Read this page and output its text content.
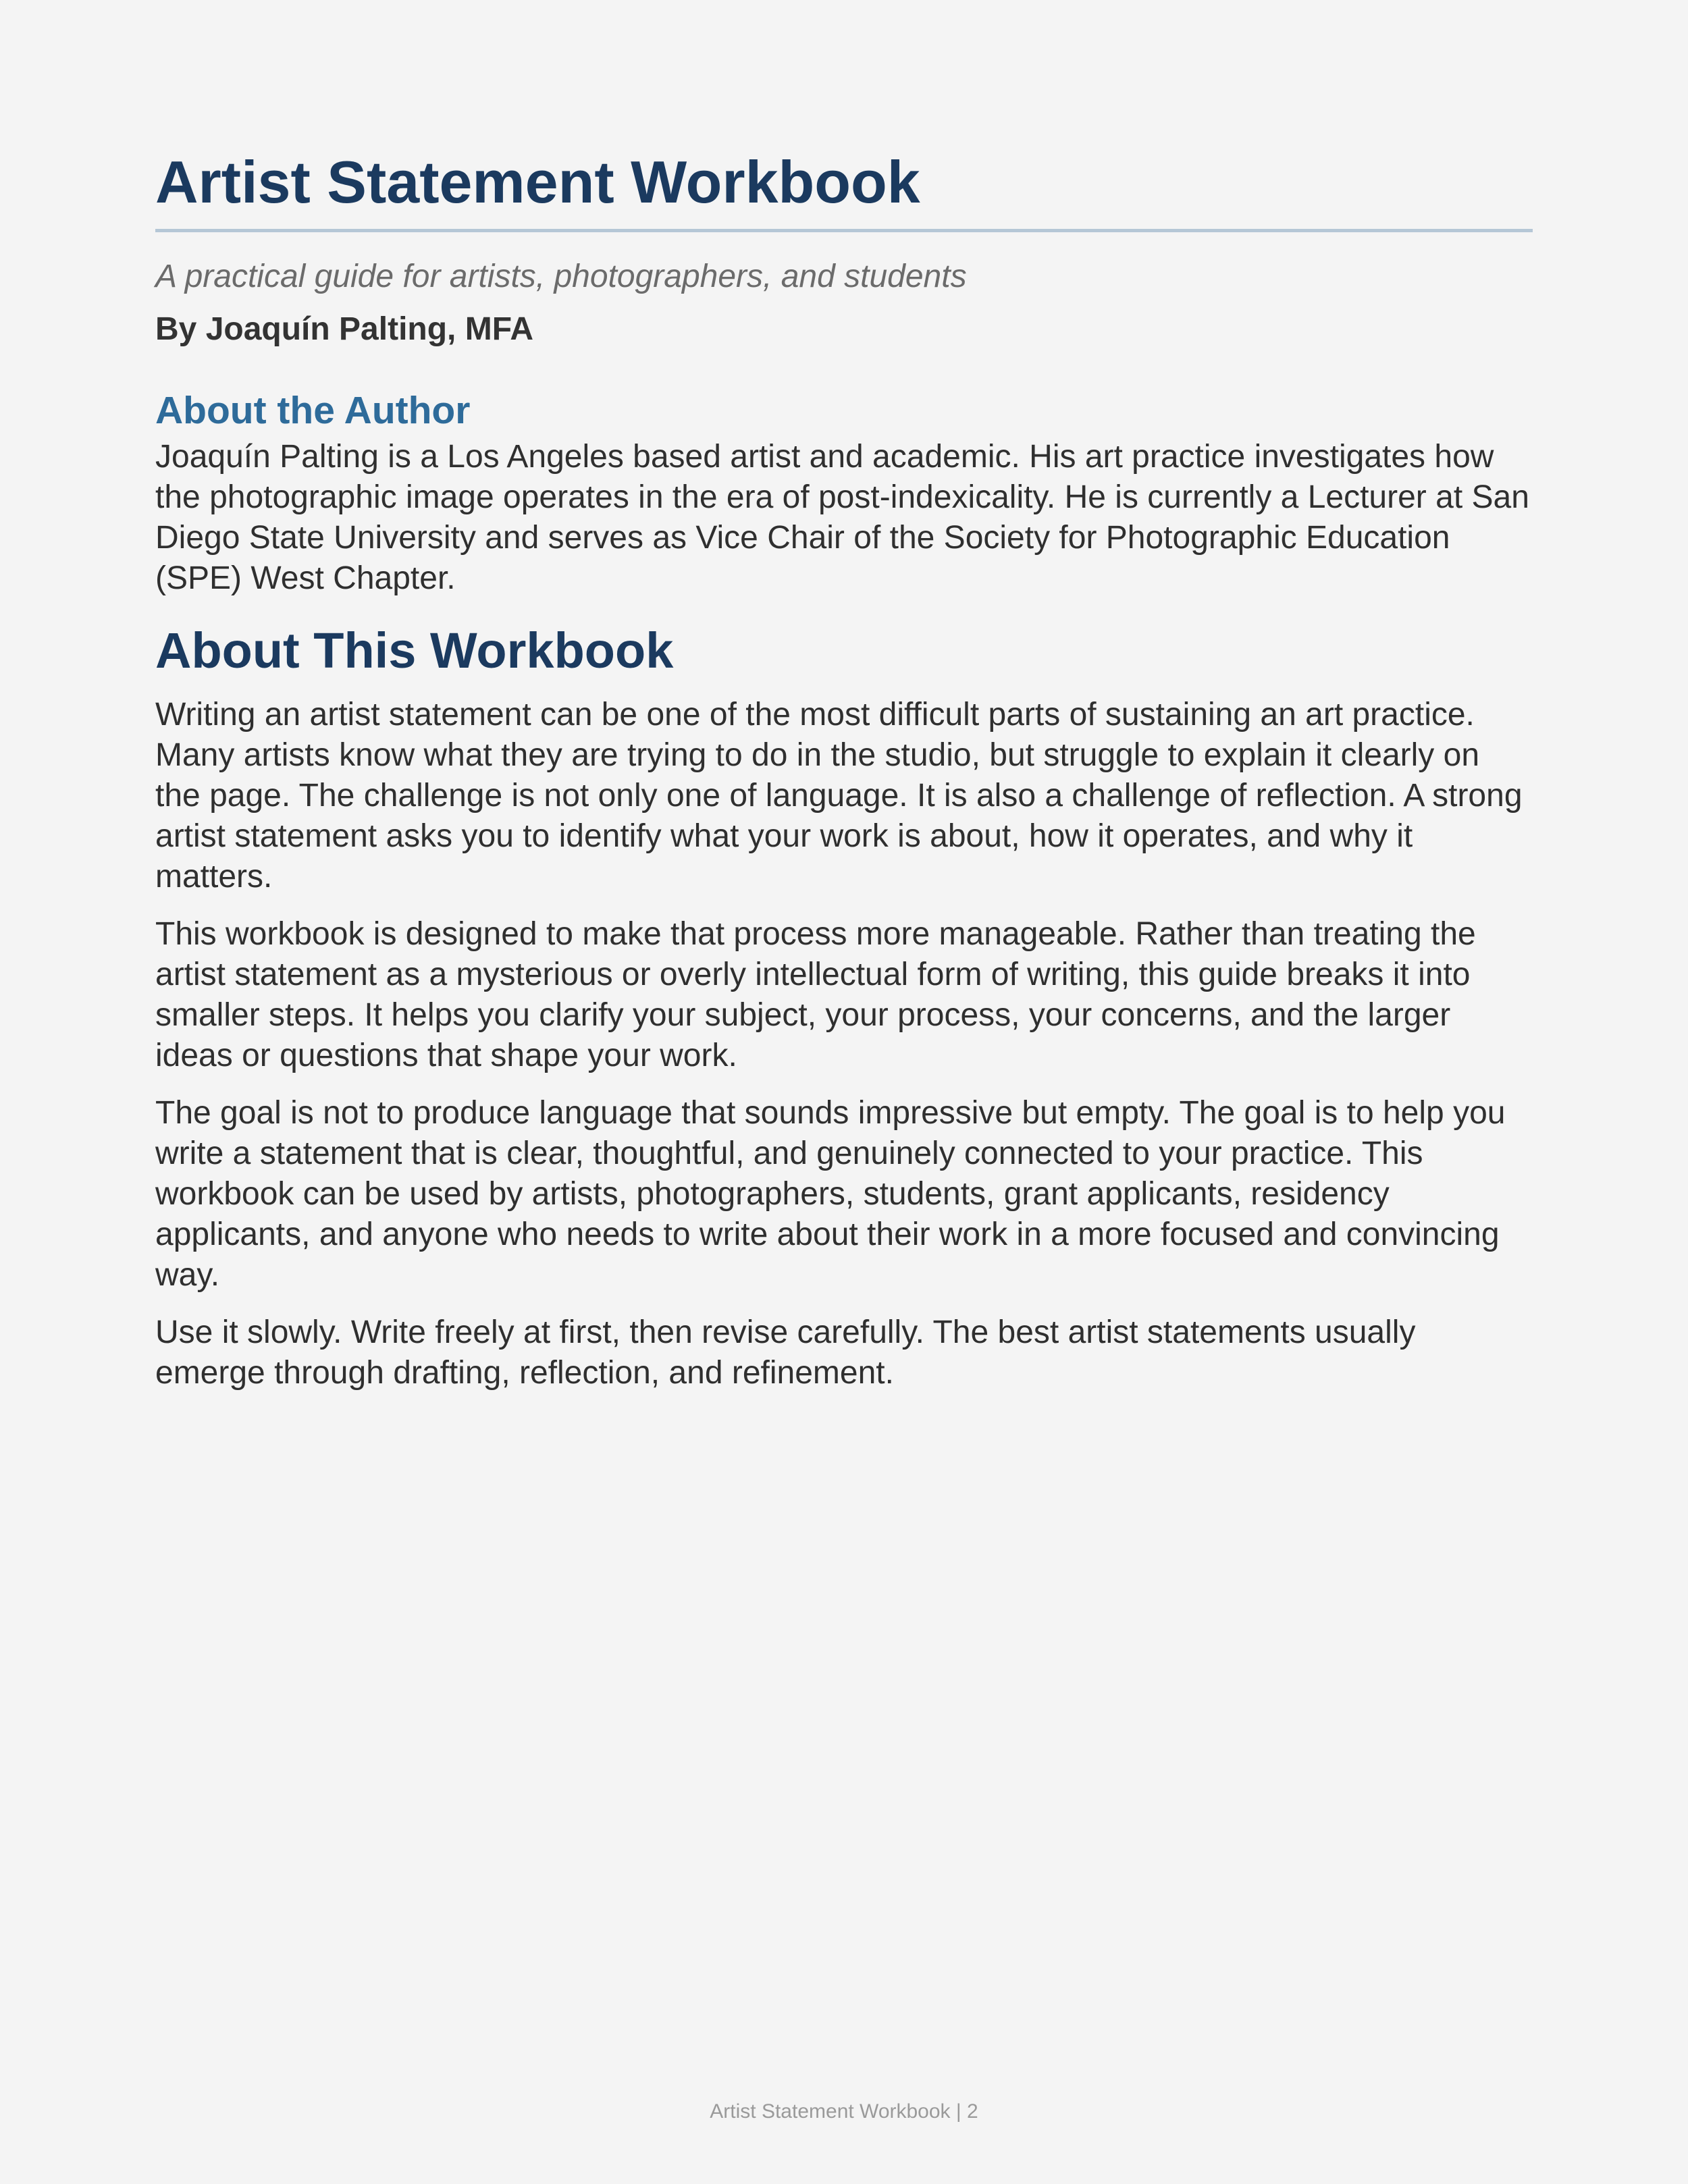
Artist Statement Workbook

A practical guide for artists, photographers, and students

By Joaquín Palting, MFA

About the Author

Joaquín Palting is a Los Angeles based artist and academic. His art practice investigates how the photographic image operates in the era of post-indexicality. He is currently a Lecturer at San Diego State University and serves as Vice Chair of the Society for Photographic Education (SPE) West Chapter.

About This Workbook

Writing an artist statement can be one of the most difficult parts of sustaining an art practice. Many artists know what they are trying to do in the studio, but struggle to explain it clearly on the page. The challenge is not only one of language. It is also a challenge of reflection. A strong artist statement asks you to identify what your work is about, how it operates, and why it matters.

This workbook is designed to make that process more manageable. Rather than treating the artist statement as a mysterious or overly intellectual form of writing, this guide breaks it into smaller steps. It helps you clarify your subject, your process, your concerns, and the larger ideas or questions that shape your work.

The goal is not to produce language that sounds impressive but empty. The goal is to help you write a statement that is clear, thoughtful, and genuinely connected to your practice. This workbook can be used by artists, photographers, students, grant applicants, residency applicants, and anyone who needs to write about their work in a more focused and convincing way.

Use it slowly. Write freely at first, then revise carefully. The best artist statements usually emerge through drafting, reflection, and refinement.

Artist Statement Workbook | 2
